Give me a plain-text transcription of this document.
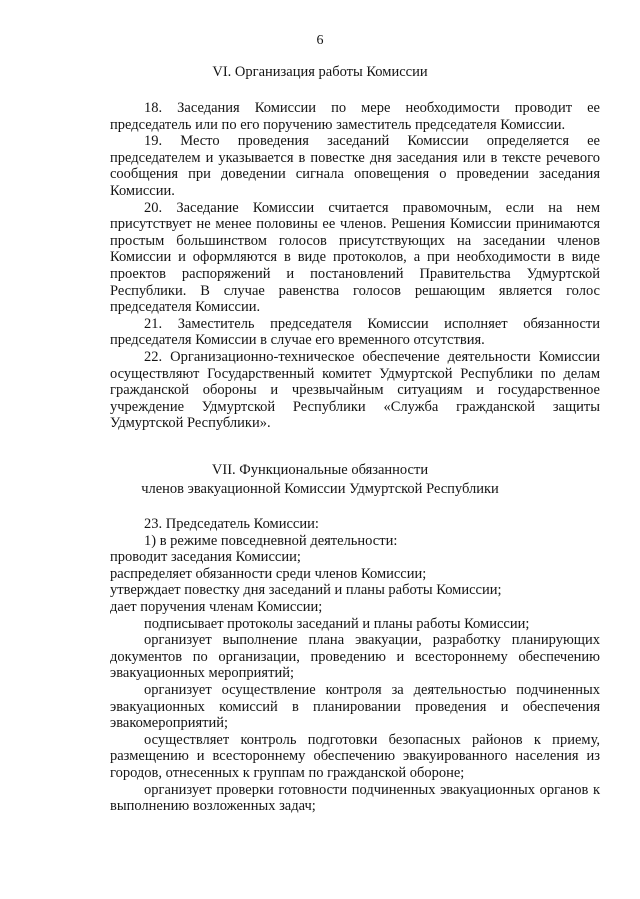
6
VI. Организация работы Комиссии

18. Заседания Комиссии по мере необходимости проводит ее председатель или по его поручению заместитель председателя Комиссии.

19. Место проведения заседаний Комиссии определяется ее председателем и указывается в повестке дня заседания или в тексте речевого сообщения при доведении сигнала оповещения о проведении заседания Комиссии.

20. Заседание Комиссии считается правомочным, если на нем присутствует не менее половины ее членов. Решения Комиссии принимаются простым большинством голосов присутствующих на заседании членов Комиссии и оформляются в виде протоколов, а при необходимости в виде проектов распоряжений и постановлений Правительства Удмуртской Республики. В случае равенства голосов решающим является голос председателя Комиссии.

21. Заместитель председателя Комиссии исполняет обязанности председателя Комиссии в случае его временного отсутствия.

22. Организационно-техническое обеспечение деятельности Комиссии осуществляют Государственный комитет Удмуртской Республики по делам гражданской обороны и чрезвычайным ситуациям и государственное учреждение Удмуртской Республики «Служба гражданской защиты Удмуртской Республики».

VII. Функциональные обязанности
членов эвакуационной Комиссии Удмуртской Республики

23. Председатель Комиссии:

1) в режиме повседневной деятельности:

проводит заседания Комиссии;

распределяет обязанности среди членов Комиссии;

утверждает повестку дня заседаний и планы работы Комиссии;

дает поручения членам Комиссии;

подписывает протоколы заседаний и планы работы Комиссии;

организует выполнение плана эвакуации, разработку планирующих документов по организации, проведению и всестороннему обеспечению эвакуационных мероприятий;

организует осуществление контроля за деятельностью подчиненных эвакуационных комиссий в планировании проведения и обеспечения эвакомероприятий;

осуществляет контроль подготовки безопасных районов к приему, размещению и всестороннему обеспечению эвакуированного населения из городов, отнесенных к группам по гражданской обороне;

организует проверки готовности подчиненных эвакуационных органов к выполнению возложенных задач;
